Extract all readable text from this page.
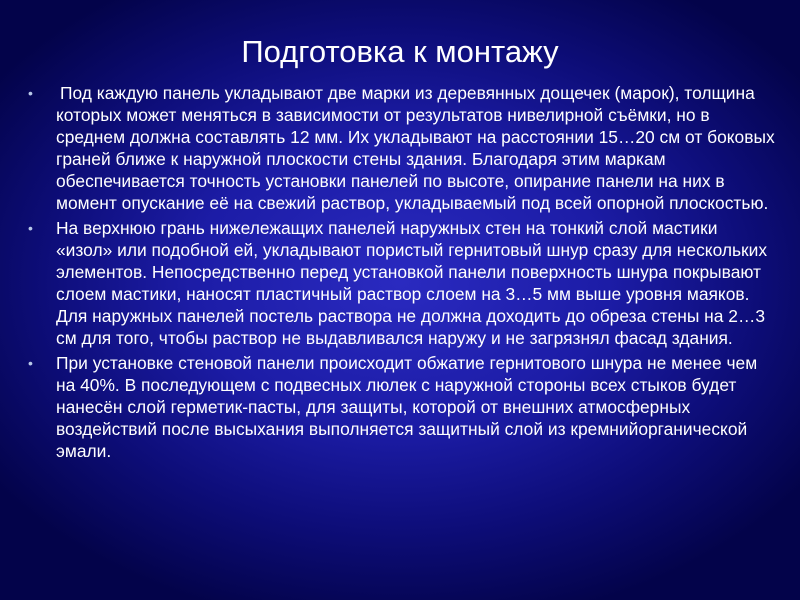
Подготовка к монтажу
• Под каждую панель укладывают две марки из деревянных дощечек (марок), толщина которых может меняться в зависимости от результатов нивелирной съёмки, но в среднем должна составлять 12 мм. Их укладывают на расстоянии 15…20 см от боковых граней ближе к наружной плоскости стены здания. Благодаря этим маркам обеспечивается точность установки панелей по высоте, опирание панели на них в момент опускание её на свежий раствор, укладываемый под всей опорной плоскостью.
• На верхнюю грань нижележащих панелей наружных стен на тонкий слой мастики «изол» или подобной ей, укладывают пористый гернитовый шнур сразу для нескольких элементов. Непосредственно перед установкой панели поверхность шнура покрывают слоем мастики, наносят пластичный раствор слоем на 3…5 мм выше уровня маяков. Для наружных панелей постель раствора не должна доходить до обреза стены на 2…3 см для того, чтобы раствор не выдавливался наружу и не загрязнял фасад здания.
• При установке стеновой панели происходит обжатие гернитового шнура не менее чем на 40%. В последующем с подвесных люлек с наружной стороны всех стыков будет нанесён слой герметик-пасты, для защиты, которой от внешних атмосферных воздействий после высыхания выполняется защитный слой из кремнийорганической эмали.
